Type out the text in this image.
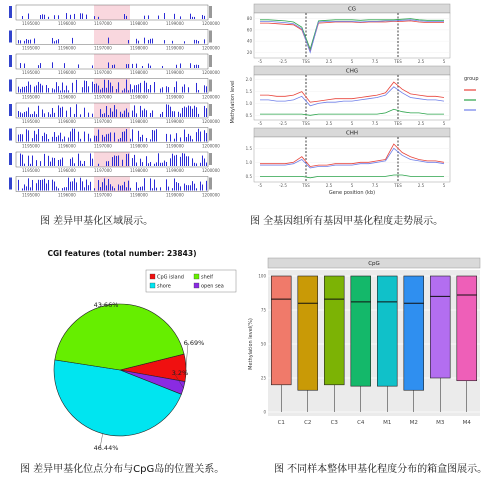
1195000	1196000	1197000	1198000	1199000	1200000
1195000	1196000	1197000	1198000	1199000	1200000
1195000	1196000	1197000	1198000	1199000	1200000
1195000	1196000	1197000	1198000	1199000	1200000
1195000	1196000	1197000	1198000	1199000	1200000
1195000	1196000	1197000	1198000	1199000	1200000
1195000	1196000	1197000	1198000	1199000	1200000
1195000	1196000	1197000	1198000	1199000	1200000
图 差异甲基化区域展示。
CG
20
40
60
80
-5	-2.5	TSS	2.5	5	7.5	TES	2.5	5
CHG
0.5
1.0
1.5
2.0
-5	-2.5	TSS	2.5	5	7.5	TES	2.5	5
CHH
0.5
1.0
1.5
-5	-2.5	TSS	2.5	5	7.5	TES	2.5	5
Methylation level
Gene position (kb)
group
图 全基因组所有基因甲基化程度走势展示。
CGI features (total number: 23843)
CpG island	shelf
shore	open sea
6.69%
3.2%
46.44%
43.66%
图 差异甲基化位点分布与CpG岛的位置关系。
CpG
0
25
50
75
100
C1	C2	C3	C4	M1	M2	M3	M4
Methylation level(%)
图 不同样本整体甲基化程度分布的箱盒图展示。
